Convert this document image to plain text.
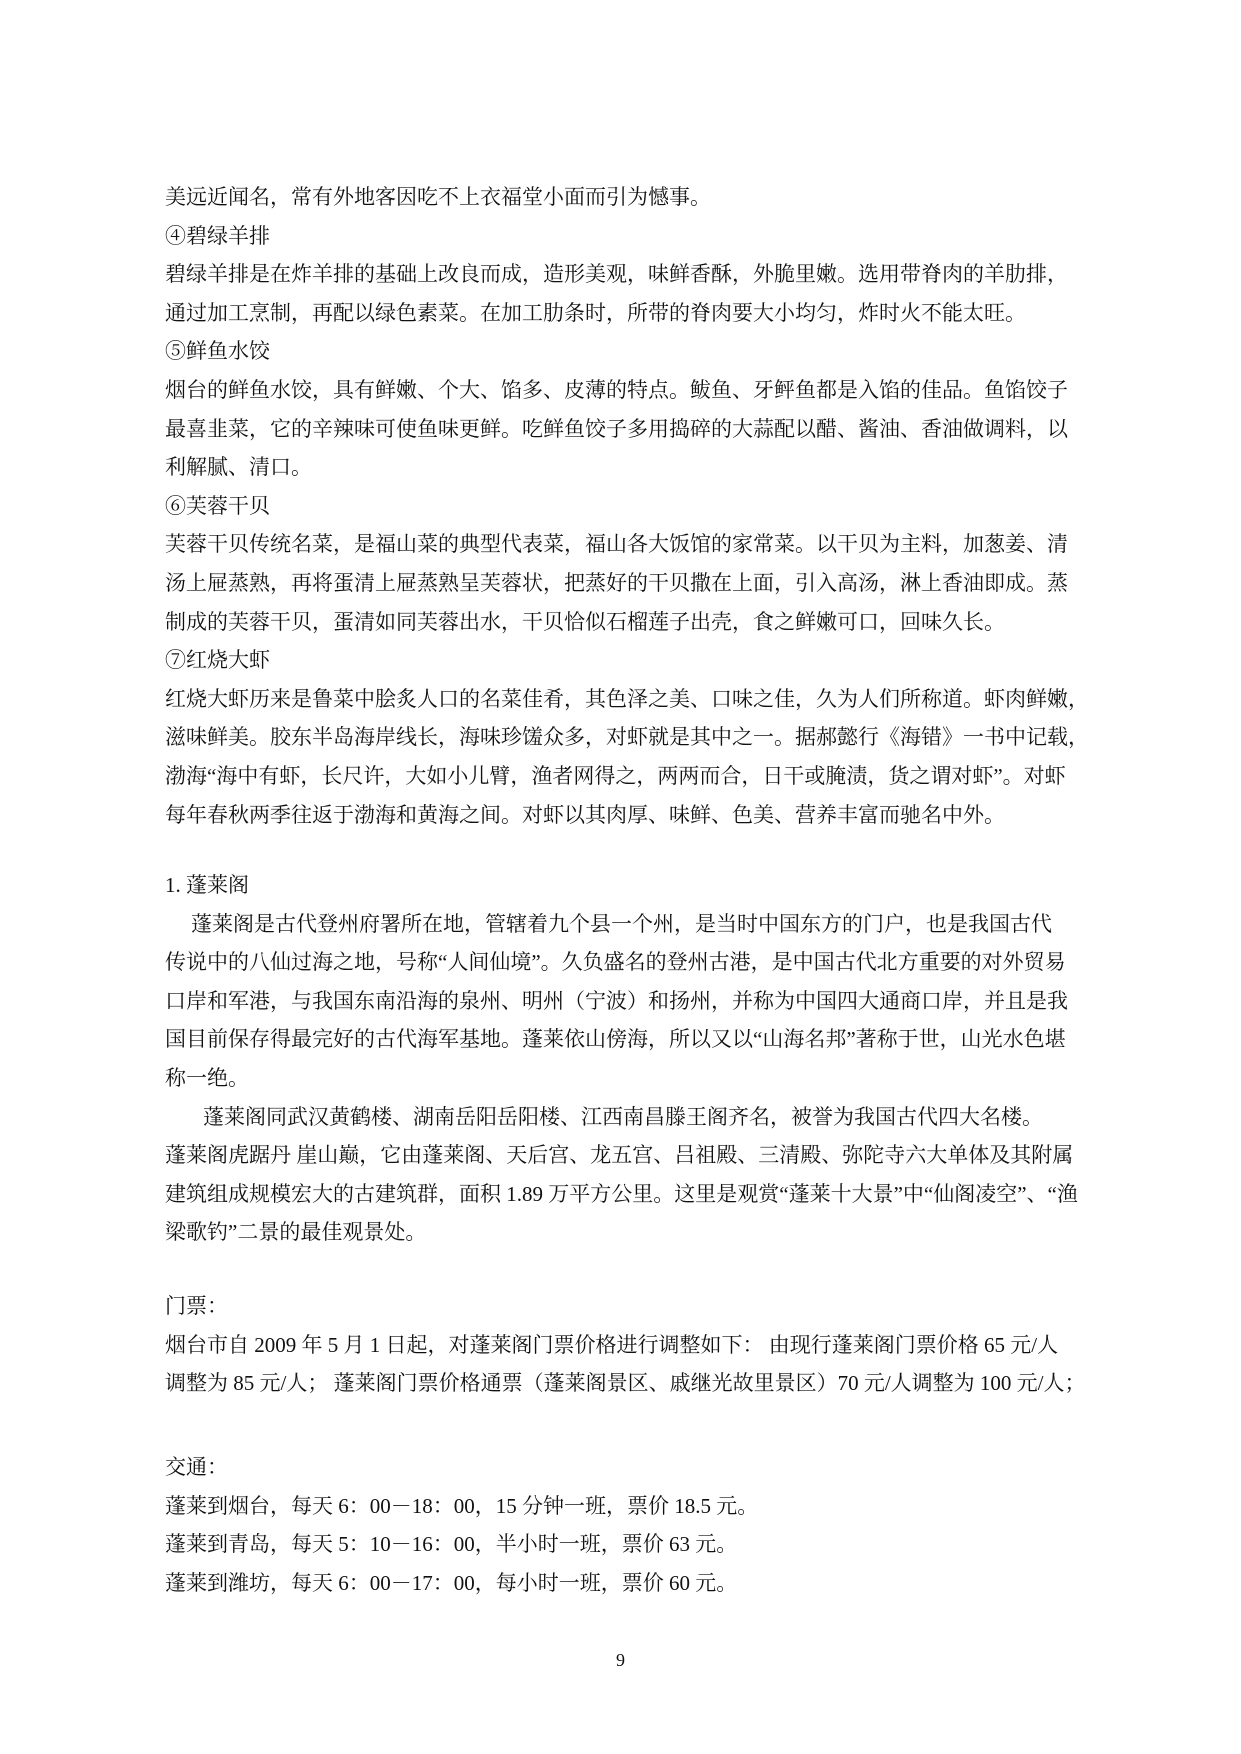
美远近闻名，常有外地客因吃不上衣福堂小面而引为憾事。
④碧绿羊排
碧绿羊排是在炸羊排的基础上改良而成，造形美观，味鲜香酥，外脆里嫩。选用带脊肉的羊肋排，
通过加工烹制，再配以绿色素菜。在加工肋条时，所带的脊肉要大小均匀，炸时火不能太旺。
⑤鲜鱼水饺
烟台的鲜鱼水饺，具有鲜嫩、个大、馅多、皮薄的特点。鲅鱼、牙鲆鱼都是入馅的佳品。鱼馅饺子
最喜韭菜，它的辛辣味可使鱼味更鲜。吃鲜鱼饺子多用捣碎的大蒜配以醋、酱油、香油做调料，以
利解腻、清口。
⑥芙蓉干贝
芙蓉干贝传统名菜，是福山菜的典型代表菜，福山各大饭馆的家常菜。以干贝为主料，加葱姜、清
汤上屉蒸熟，再将蛋清上屉蒸熟呈芙蓉状，把蒸好的干贝撒在上面，引入高汤，淋上香油即成。蒸
制成的芙蓉干贝，蛋清如同芙蓉出水，干贝恰似石榴莲子出壳，食之鲜嫩可口，回味久长。
⑦红烧大虾
红烧大虾历来是鲁菜中脍炙人口的名菜佳肴，其色泽之美、口味之佳，久为人们所称道。虾肉鲜嫩，
滋味鲜美。胶东半岛海岸线长，海味珍馐众多，对虾就是其中之一。据郝懿行《海错》一书中记载，
渤海“海中有虾，长尺许，大如小儿臂，渔者网得之，两两而合，日干或腌渍，货之谓对虾”。对虾
每年春秋两季往返于渤海和黄海之间。对虾以其肉厚、味鲜、色美、营养丰富而驰名中外。
1. 蓬莱阁
蓬莱阁是古代登州府署所在地，管辖着九个县一个州，是当时中国东方的门户，也是我国古代
传说中的八仙过海之地，号称“人间仙境”。久负盛名的登州古港，是中国古代北方重要的对外贸易
口岸和军港，与我国东南沿海的泉州、明州（宁波）和扬州，并称为中国四大通商口岸，并且是我
国目前保存得最完好的古代海军基地。蓬莱依山傍海，所以又以“山海名邦”著称于世，山光水色堪
称一绝。
蓬莱阁同武汉黄鹤楼、湖南岳阳岳阳楼、江西南昌滕王阁齐名，被誉为我国古代四大名楼。
蓬莱阁虎踞丹 崖山巅，它由蓬莱阁、天后宫、龙五宫、吕祖殿、三清殿、弥陀寺六大单体及其附属
建筑组成规模宏大的古建筑群，面积 1.89 万平方公里。这里是观赏“蓬莱十大景”中“仙阁凌空”、“渔
梁歌钓”二景的最佳观景处。
门票：
烟台市自 2009 年 5 月 1 日起，对蓬莱阁门票价格进行调整如下： 由现行蓬莱阁门票价格 65 元/人
调整为 85 元/人； 蓬莱阁门票价格通票（蓬莱阁景区、戚继光故里景区）70 元/人调整为 100 元/人；
交通：
蓬莱到烟台，每天 6：00－18：00，15 分钟一班，票价 18.5 元。
蓬莱到青岛，每天 5：10－16：00，半小时一班，票价 63 元。
蓬莱到潍坊，每天 6：00－17：00，每小时一班，票价 60 元。
9
